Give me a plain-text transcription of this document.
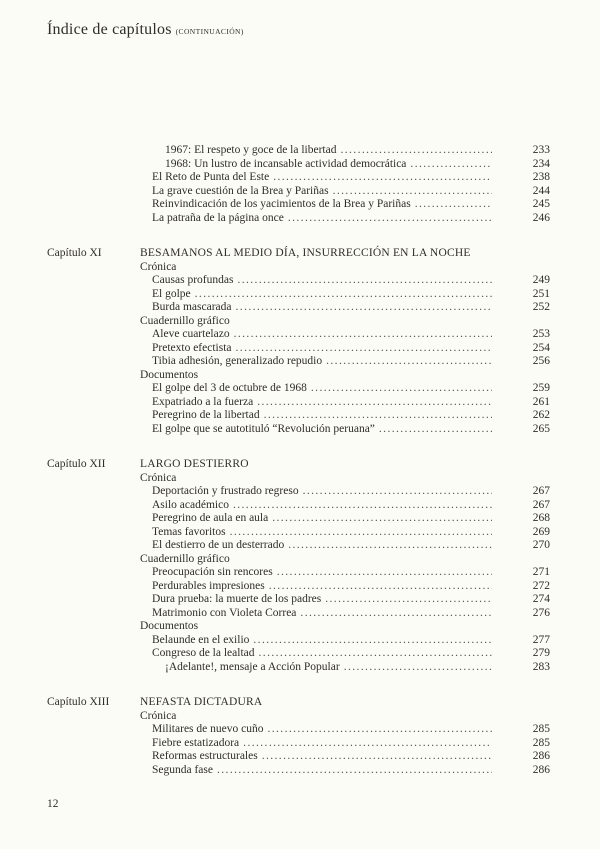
Índice de capítulos (CONTINUACIÓN)
1967: El respeto y goce de la libertad .....	233
1968: Un lustro de incansable actividad democrática .....	234
El Reto de Punta del Este .....	238
La grave cuestión de la Brea y Pariñas .....	244
Reinvindicación de los yacimientos de la Brea y Pariñas .....	245
La patraña de la página once .....	246
Capítulo XI	BESAMANOS AL MEDIO DÍA, INSURRECCIÓN EN LA NOCHE
Crónica
Causas profundas .....	249
El golpe .....	251
Burda mascarada .....	252
Cuadernillo gráfico
Aleve cuartelazo .....	253
Pretexto efectista .....	254
Tibia adhesión, generalizado repudio .....	256
Documentos
El golpe del 3 de octubre de 1968 .....	259
Expatriado a la fuerza .....	261
Peregrino de la libertad .....	262
El golpe que se autotituló “Revolución peruana” .....	265
Capítulo XII	LARGO DESTIERRO
Crónica
Deportación y frustrado regreso .....	267
Asilo académico .....	267
Peregrino de aula en aula .....	268
Temas favoritos .....	269
El destierro de un desterrado .....	270
Cuadernillo gráfico
Preocupación sin rencores .....	271
Perdurables impresiones .....	272
Dura prueba: la muerte de los padres .....	274
Matrimonio con Violeta Correa .....	276
Documentos
Belaunde en el exilio .....	277
Congreso de la lealtad .....	279
¡Adelante!, mensaje a Acción Popular .....	283
Capítulo XIII	NEFASTA DICTADURA
Crónica
Militares de nuevo cuño .....	285
Fiebre estatizadora .....	285
Reformas estructurales .....	286
Segunda fase .....	286
12
